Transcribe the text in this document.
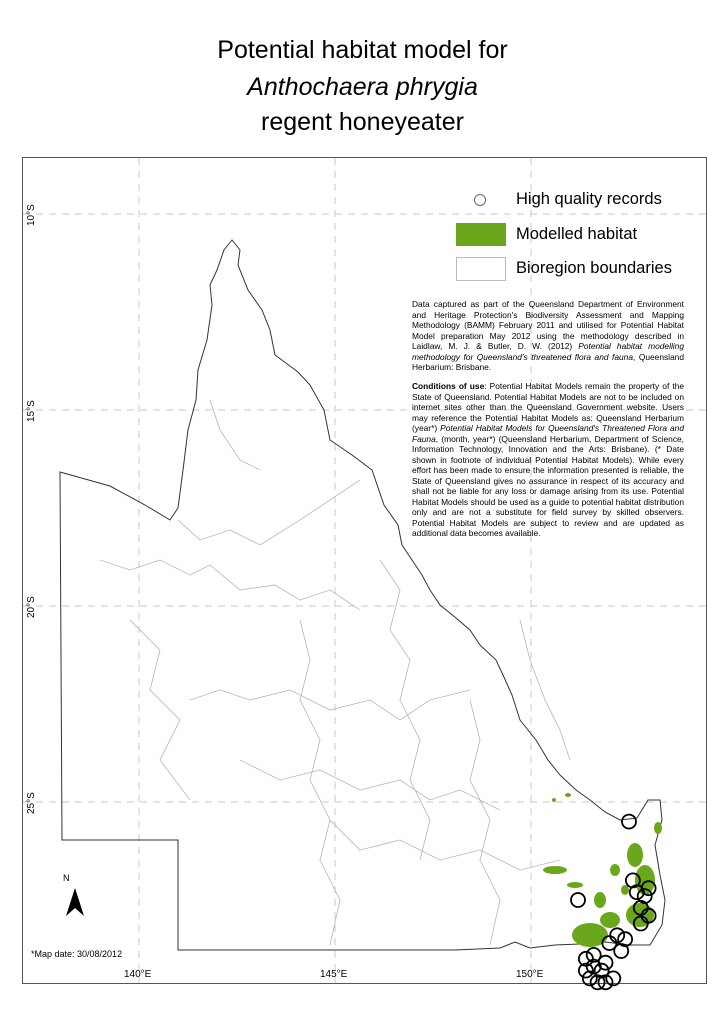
Potential habitat model for
Anthochaera phrygia
regent honeyeater
High quality records
Modelled habitat
Bioregion boundaries
Data captured as part of the Queensland Department of Environment and Heritage Protection's Biodiversity Assessment and Mapping Methodology (BAMM) February 2011 and utilised for Potential Habitat Model preparation May 2012 using the methodology described in Laidlaw, M. J. & Butler, D. W. (2012) Potential habitat modelling methodology for Queensland's threatened flora and fauna, Queensland Herbarium: Brisbane.
Conditions of use: Potential Habitat Models remain the property of the State of Queensland. Potential Habitat Models are not to be included on internet sites other than the Queensland Government website. Users may reference the Potential Habitat Models as: Queensland Herbarium (year*) Potential Habitat Models for Queensland's Threatened Flora and Fauna, (month, year*) (Queensland Herbarium, Department of Science, Information Technology, Innovation and the Arts: Brisbane). (* Date shown in footnote of individual Potential Habitat Models). While every effort has been made to ensure the information presented is reliable, the State of Queensland gives no assurance in respect of its accuracy and shall not be liable for any loss or damage arising from its use. Potential Habitat Models should be used as a guide to potential habitat distribution only and are not a substitute for field survey by skilled observers. Potential Habitat Models are subject to review and are updated as additional data becomes available.
10°S
15°S
20°S
25°S
140°E	145°E	150°E
N
*Map date: 30/08/2012
